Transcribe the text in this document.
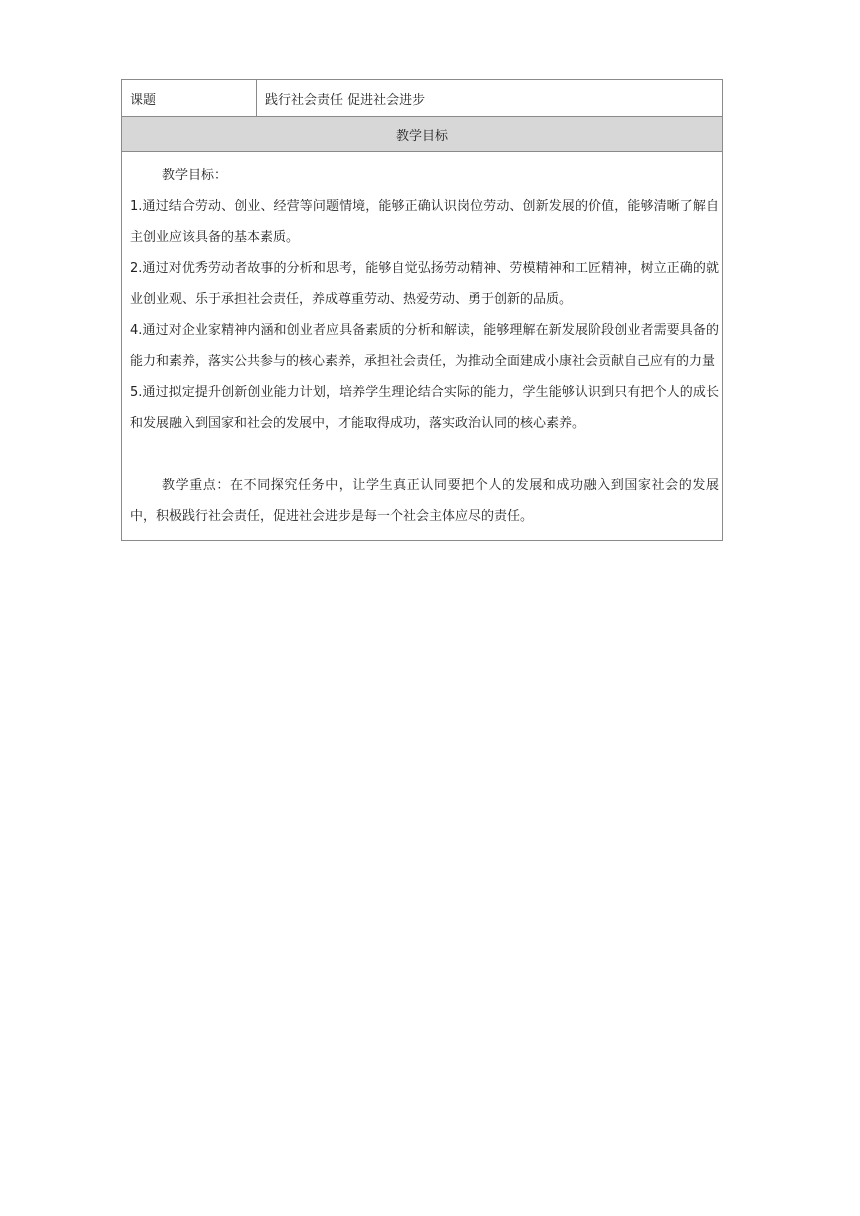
课题	践行社会责任 促进社会进步
教学目标

教学目标：

1.通过结合劳动、创业、经营等问题情境，能够正确认识岗位劳动、创新发展的价值，能够清晰了解自主创业应该具备的基本素质。

2.通过对优秀劳动者故事的分析和思考，能够自觉弘扬劳动精神、劳模精神和工匠精神，树立正确的就业创业观、乐于承担社会责任，养成尊重劳动、热爱劳动、勇于创新的品质。

4.通过对企业家精神内涵和创业者应具备素质的分析和解读，能够理解在新发展阶段创业者需要具备的能力和素养，落实公共参与的核心素养，承担社会责任，为推动全面建成小康社会贡献自己应有的力量

5.通过拟定提升创新创业能力计划，培养学生理论结合实际的能力，学生能够认识到只有把个人的成长和发展融入到国家和社会的发展中，才能取得成功，落实政治认同的核心素养。

教学重点：在不同探究任务中，让学生真正认同要把个人的发展和成功融入到国家社会的发展中，积极践行社会责任，促进社会进步是每一个社会主体应尽的责任。
